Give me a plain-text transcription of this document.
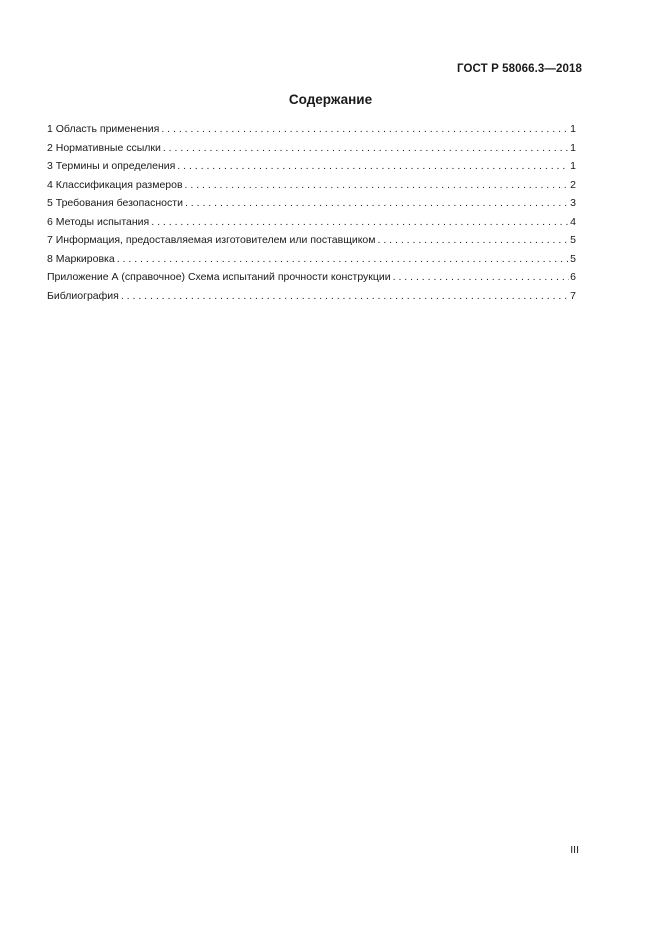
ГОСТ Р 58066.3—2018
Содержание
1 Область применения . . .	1
2 Нормативные ссылки . . .	1
3 Термины и определения . . .	1
4 Классификация размеров . . .	2
5 Требования безопасности . . .	3
6 Методы испытания . . .	4
7 Информация, предоставляемая изготовителем или поставщиком . . .	5
8 Маркировка . . .	5
Приложение А (справочное) Схема испытаний прочности конструкции . . .	6
Библиография . . .	7
III
